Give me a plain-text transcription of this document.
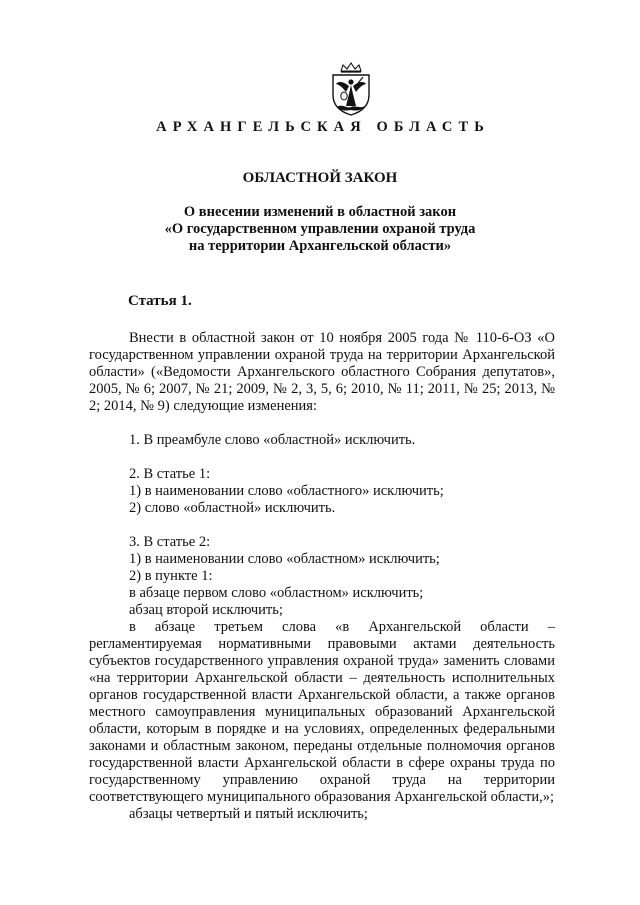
АРХАНГЕЛЬСКАЯ ОБЛАСТЬ
ОБЛАСТНОЙ ЗАКОН
О внесении изменений в областной закон
«О государственном управлении охраной труда
на территории Архангельской области»
Статья 1.

Внести в областной закон от 10 ноября 2005 года № 110-6-ОЗ «О государственном управлении охраной труда на территории Архангельской области» («Ведомости Архангельского областного Собрания депутатов», 2005, № 6; 2007, № 21; 2009, № 2, 3, 5, 6; 2010, № 11; 2011, № 25; 2013, № 2; 2014, № 9) следующие изменения:

1. В преамбуле слово «областной» исключить.

2. В статье 1:

1) в наименовании слово «областного» исключить;

2) слово «областной» исключить.

3. В статье 2:

1) в наименовании слово «областном» исключить;

2) в пункте 1:

в абзаце первом слово «областном» исключить;

абзац второй исключить;

в абзаце третьем слова «в Архангельской области – регламентируемая нормативными правовыми актами деятельность субъектов государственного управления охраной труда» заменить словами «на территории Архангельской области – деятельность исполнительных органов государственной власти Архангельской области, а также органов местного самоуправления муниципальных образований Архангельской области, которым в порядке и на условиях, определенных федеральными законами и областным законом, переданы отдельные полномочия органов государственной власти Архангельской области в сфере охраны труда по государственному управлению охраной труда на территории соответствующего муниципального образования Архангельской области,»;

абзацы четвертый и пятый исключить;
